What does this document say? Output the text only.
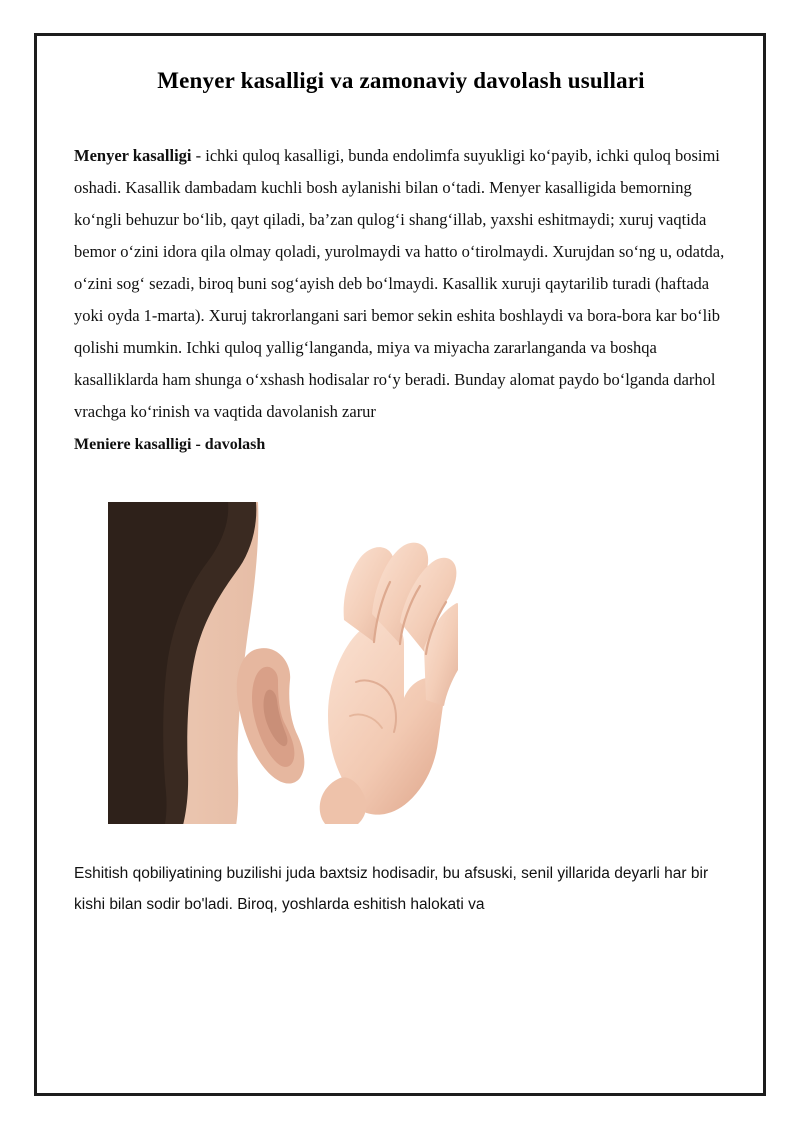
Menyer kasalligi va zamonaviy davolash usullari

Menyer kasalligi - ichki quloq kasalligi, bunda endolimfa suyukligi ko‘payib, ichki quloq bosimi oshadi. Kasallik dambadam kuchli bosh aylanishi bilan o‘tadi. Menyer kasalligida bemorning ko‘ngli behuzur bo‘lib, qayt qiladi, ba’zan qulog‘i shang‘illab, yaxshi eshitmaydi; xuruj vaqtida bemor o‘zini idora qila olmay qoladi, yurolmaydi va hatto o‘tirolmaydi. Xurujdan so‘ng u, odatda, o‘zini sog‘ sezadi, biroq buni sog‘ayish deb bo‘lmaydi. Kasallik xuruji qaytarilib turadi (haftada yoki oyda 1-marta). Xuruj takrorlangani sari bemor sekin eshita boshlaydi va bora-bora kar bo‘lib qolishi mumkin. Ichki quloq yallig‘langanda, miya va miyacha zararlanganda va boshqa kasalliklarda ham shunga o‘xshash hodisalar ro‘y beradi. Bunday alomat paydo bo‘lganda darhol vrachga ko‘rinish va vaqtida davolanish zarur

Meniere kasalligi - davolash

Eshitish qobiliyatining buzilishi juda baxtsiz hodisadir, bu afsuski, senil yillarida deyarli har bir kishi bilan sodir bo'ladi. Biroq, yoshlarda eshitish halokati va
